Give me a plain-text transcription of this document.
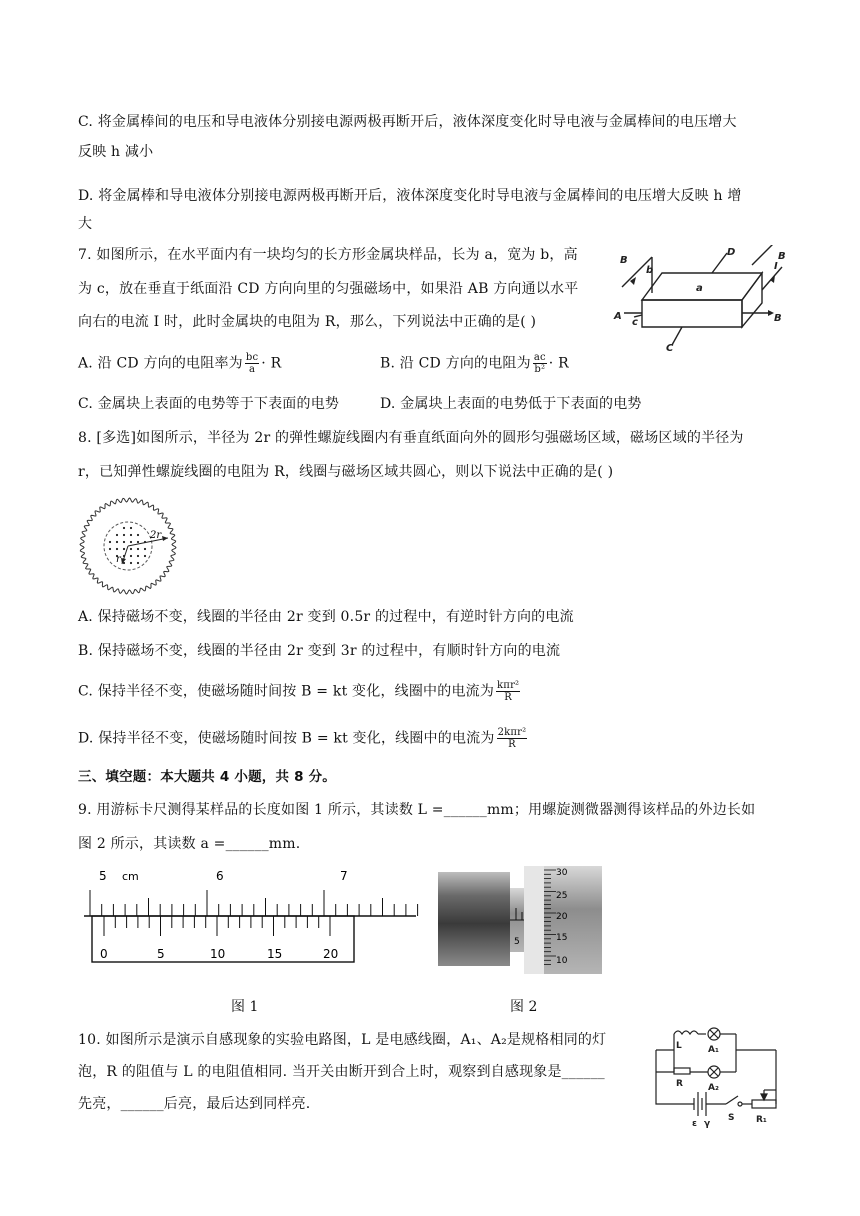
C. 将金属棒间的电压和导电液体分别接电源两极再断开后，液体深度变化时导电液与金属棒间的电压增大
反映 h 减小
D. 将金属棒和导电液体分别接电源两极再断开后，液体深度变化时导电液与金属棒间的电压增大反映 h 增
大
7. 如图所示，在水平面内有一块均匀的长方形金属块样品，长为 a，宽为 b，高
为 c，放在垂直于纸面沿 CD 方向向里的匀强磁场中，如果沿 AB 方向通以水平
向右的电流 I 时，此时金属块的电阻为 R，那么，下列说法中正确的是( )
A. 沿 CD 方向的电阻率为 $\frac{bc}{a} \cdot R$	B. 沿 CD 方向的电阻为 $\frac{ac}{\text{b²}} \cdot R$
C. 金属块上表面的电势等于下表面的电势	D. 金属块上表面的电势低于下表面的电势
B
b
a
D
I
B
A
c	B
C
8. [多选]如图所示，半径为 2r 的弹性螺旋线圈内有垂直纸面向外的圆形匀强磁场区域，磁场区域的半径为
r，已知弹性螺旋线圈的电阻为 R，线圈与磁场区域共圆心，则以下说法中正确的是( )
2r
r
A. 保持磁场不变，线圈的半径由 2r 变到 0.5r 的过程中，有逆时针方向的电流
B. 保持磁场不变，线圈的半径由 2r 变到 3r 的过程中，有顺时针方向的电流
C. 保持半径不变，使磁场随时间按 B = kt 变化，线圈中的电流为 $\frac{\text{kπr²}}{R}$
D. 保持半径不变，使磁场随时间按 B = kt 变化，线圈中的电流为 $\frac{\text{2kπr²}}{R}$
三、填空题：本大题共 4 小题，共 8 分。
9. 用游标卡尺测得某样品的长度如图 1 所示，其读数 L =______mm；用螺旋测微器测得该样品的外边长如
图 2 所示，其读数 a =______mm.
cm
5	6	7
0	5	10	15	20
5
30
25
20
15
10
图 1	图 2
10. 如图所示是演示自感现象的实验电路图，L 是电感线圈，A₁、A₂是规格相同的灯
泡，R 的阻值与 L 的电阻值相同. 当开关由断开到合上时，观察到自感现象是______
先亮，______后亮，最后达到同样亮.
L	A₁
R	A₂
S R₁
ε γ
